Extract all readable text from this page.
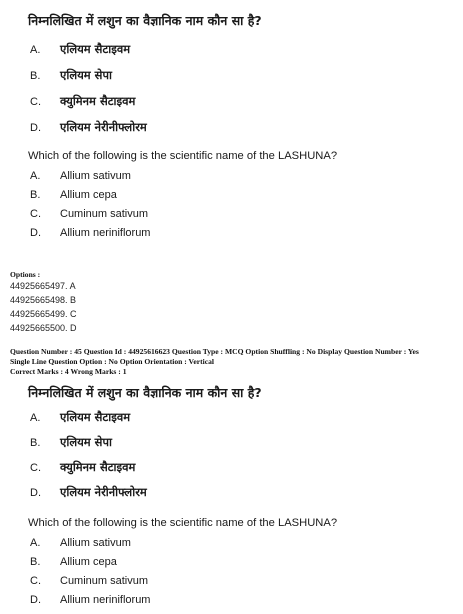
निम्नलिखित में लशुन का वैज्ञानिक नाम कौन सा है?
A.	एलियम सैटाइवम
B.	एलियम सेपा
C.	क्युमिनम सैटाइवम
D.	एलियम नेरीनीफ्लोरम
Which of the following is the scientific name of the LASHUNA?
A.	Allium sativum
B.	Allium cepa
C.	Cuminum sativum
D.	Allium neriniflorum
Options :
44925665497. A
44925665498. B
44925665499. C
44925665500. D
Question Number : 45 Question Id : 44925616623 Question Type : MCQ Option Shuffling : No Display Question Number : Yes
Single Line Question Option : No Option Orientation : Vertical
Correct Marks : 4 Wrong Marks : 1
निम्नलिखित में लशुन का वैज्ञानिक नाम कौन सा है?
A.	एलियम सैटाइवम
B.	एलियम सेपा
C.	क्युमिनम सैटाइवम
D.	एलियम नेरीनीफ्लोरम
Which of the following is the scientific name of the LASHUNA?
A.	Allium sativum
B.	Allium cepa
C.	Cuminum sativum
D.	Allium neriniflorum
